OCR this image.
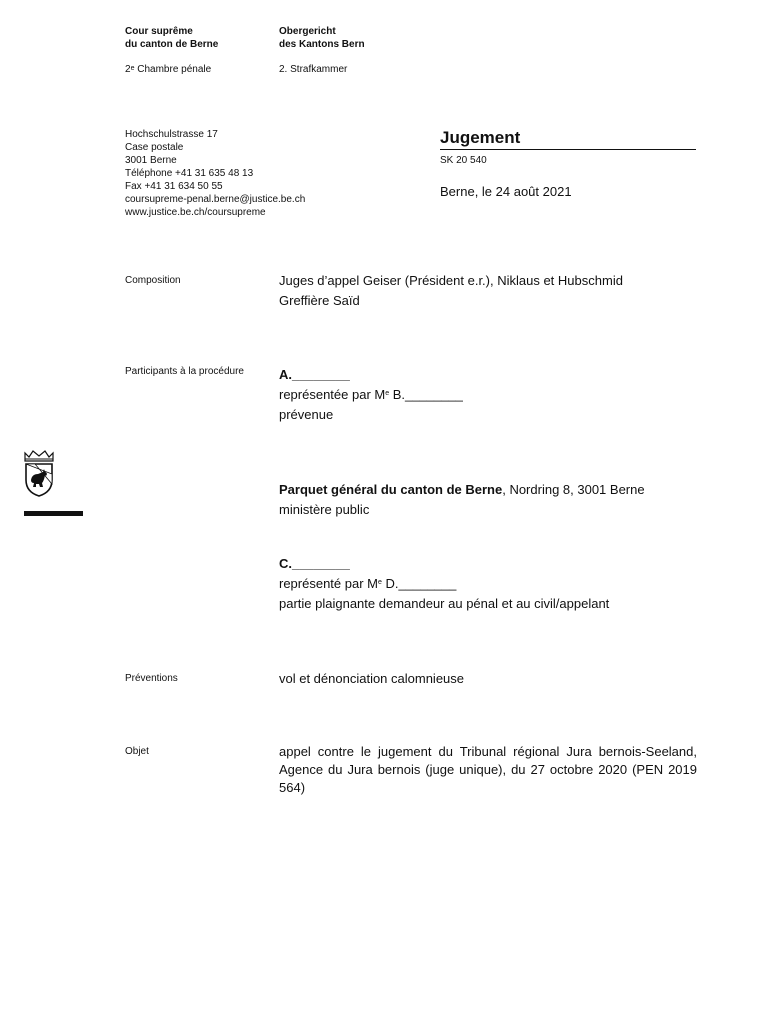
Cour suprême
du canton de Berne
Obergericht
des Kantons Bern
2e Chambre pénale	2. Strafkammer
Hochschulstrasse 17
Case postale
3001 Berne
Téléphone +41 31 635 48 13
Fax +41 31 634 50 55
coursupreme-penal.berne@justice.be.ch
www.justice.be.ch/coursupreme
Jugement
SK 20 540
Berne, le 24 août 2021
Composition	Juges d’appel Geiser (Président e.r.), Niklaus et Hubschmid
Greffière Saïd
Participants à la procédure	A.________
représentée par Me B.________
prévenue
Parquet général du canton de Berne, Nordring 8, 3001 Berne
ministère public
C.________
représenté par Me D.________
partie plaignante demandeur au pénal et au civil/appelant
Préventions	vol et dénonciation calomnieuse
Objet	appel contre le jugement du Tribunal régional Jura bernois-Seeland, Agence du Jura bernois (juge unique), du 27 octobre 2020 (PEN 2019 564)
